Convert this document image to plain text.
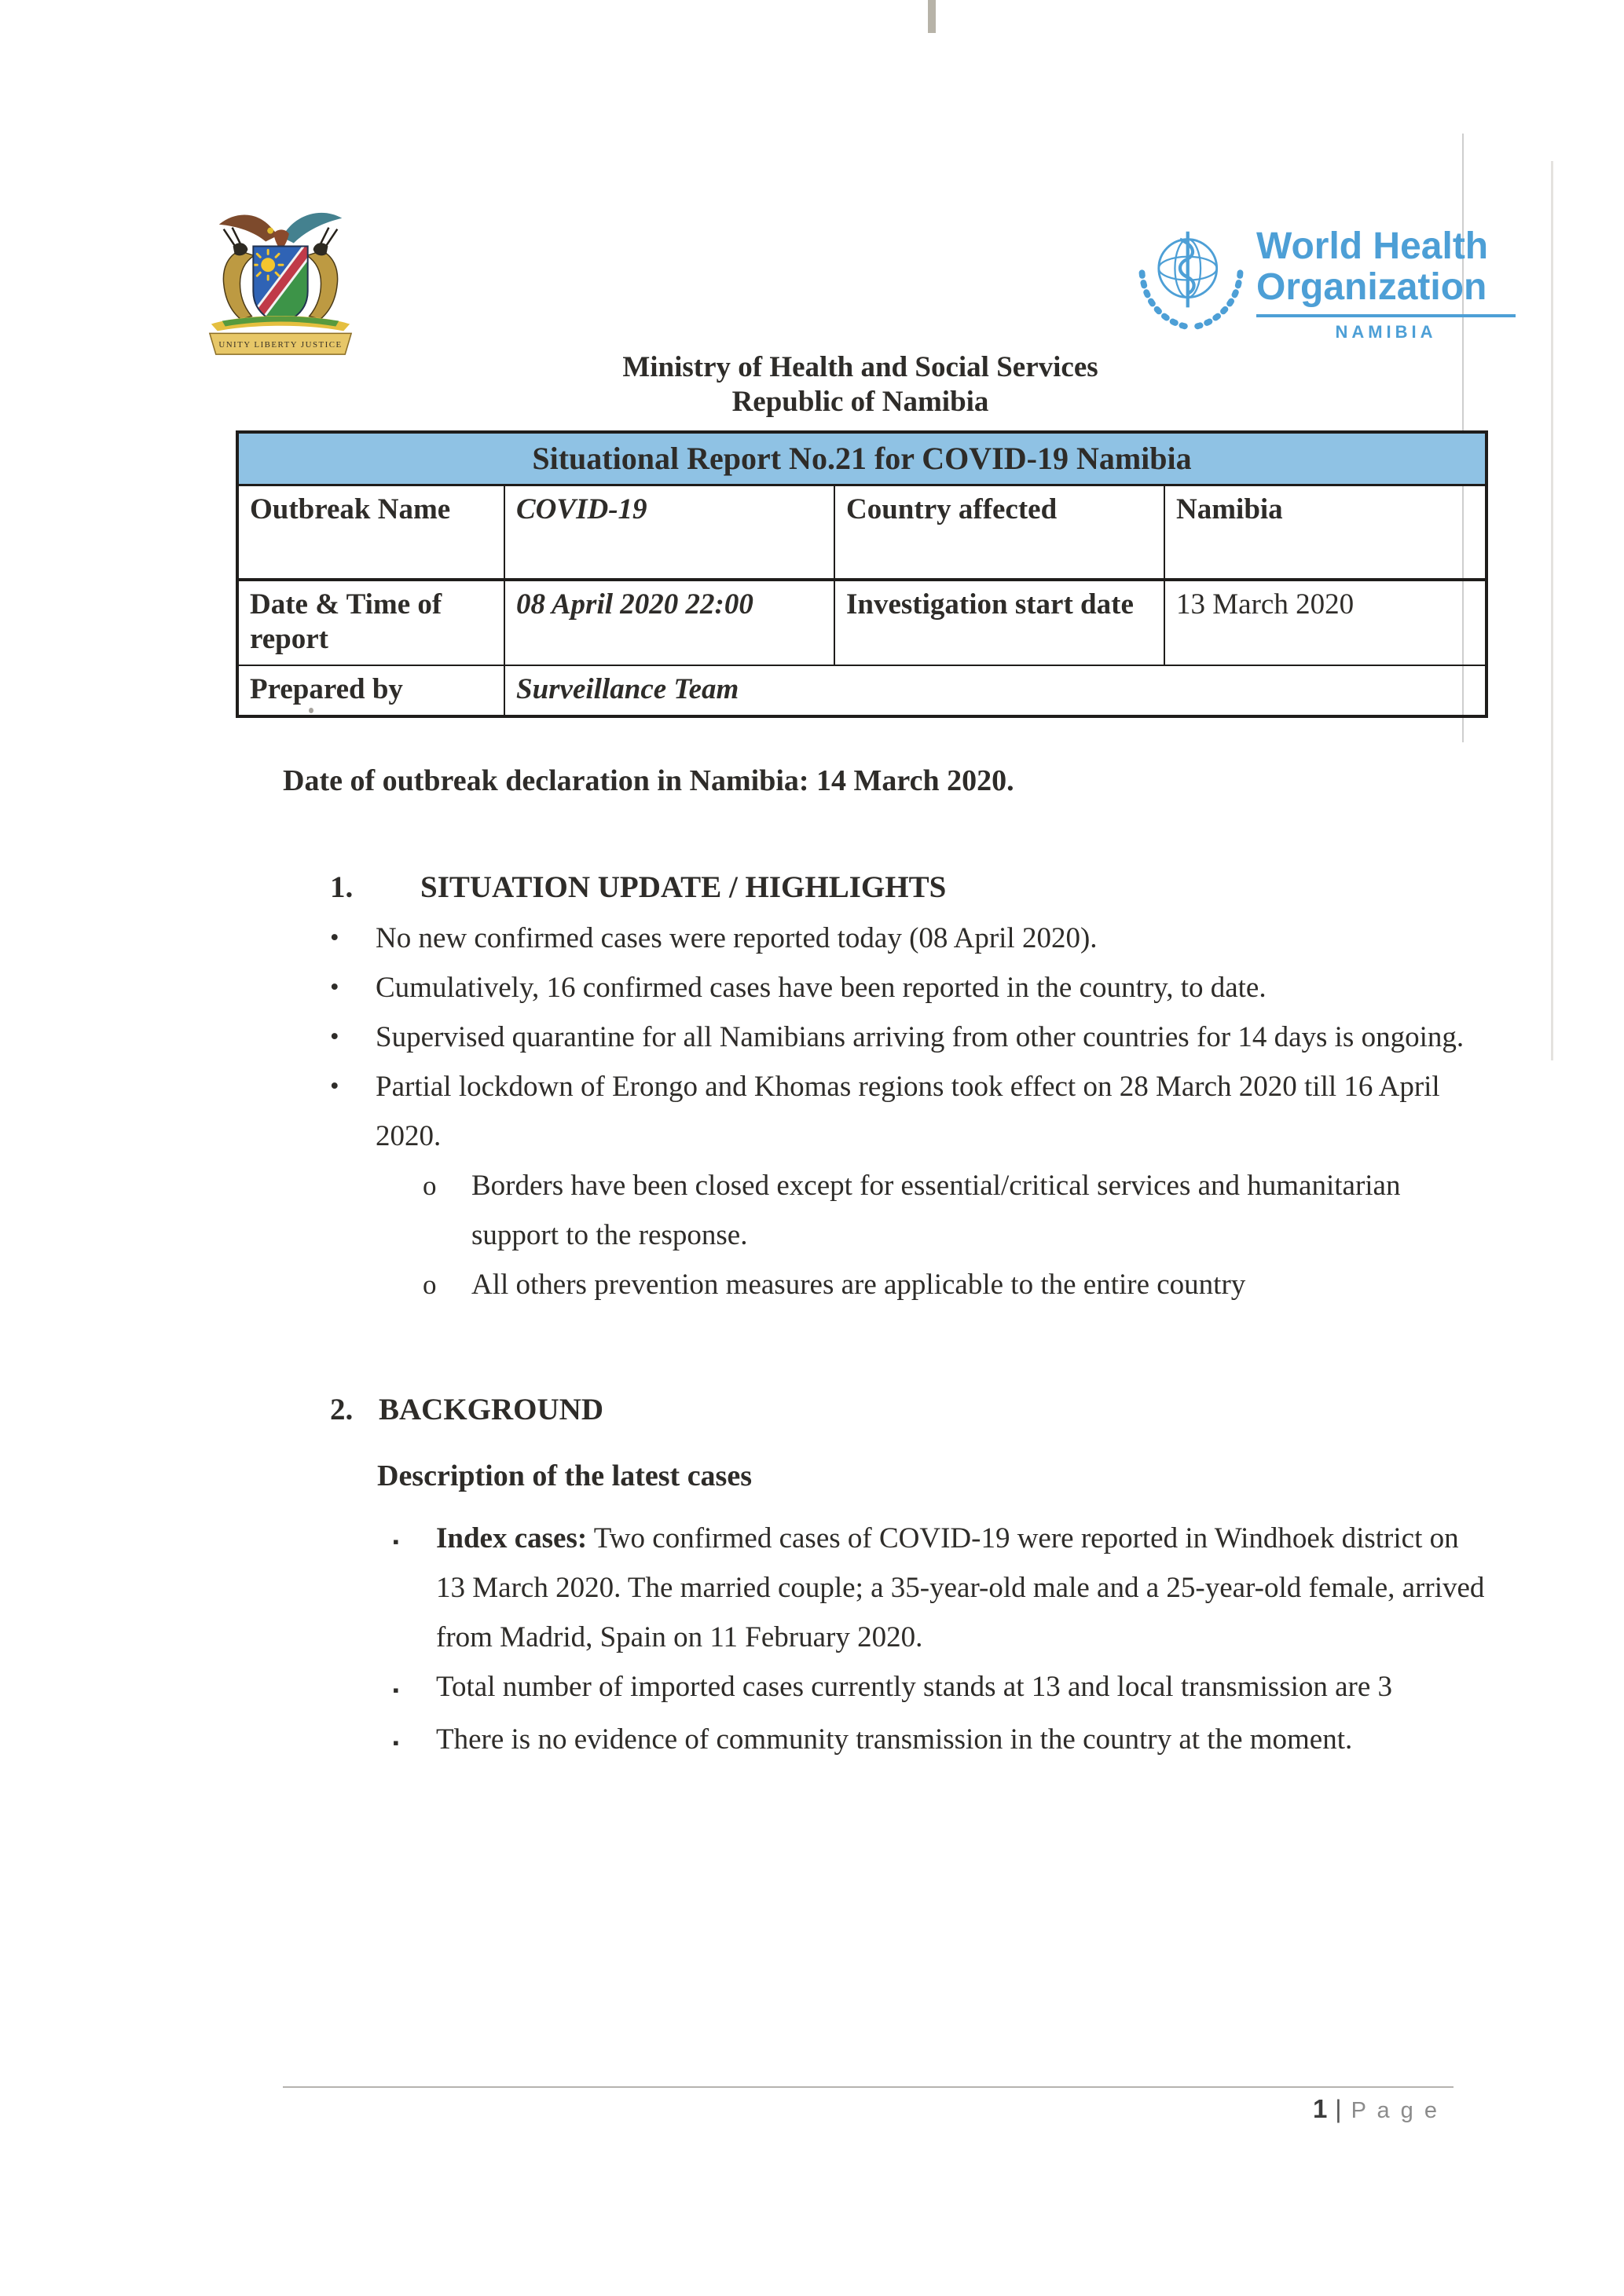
UNITY LIBERTY JUSTICE
World Health
Organization
NAMIBIA
Ministry of Health and Social Services
Republic of Namibia
Situational Report No.21 for COVID-19 Namibia			
Outbreak Name	COVID-19	Country affected	Namibia
Date & Time of report	08 April 2020 22:00	Investigation start date	13 March 2020
Prepared by	Surveillance Team		
Date of outbreak declaration in Namibia: 14 March 2020.
1.	SITUATION UPDATE / HIGHLIGHTS
•	No new confirmed cases were reported today (08 April 2020).
•	Cumulatively, 16 confirmed cases have been reported in the country, to date.
•	Supervised quarantine for all Namibians arriving from other countries for 14 days is ongoing.
•	Partial lockdown of Erongo and Khomas regions took effect on 28 March 2020 till 16 April 2020.
o	Borders have been closed except for essential/critical services and humanitarian support to the response.
o	All others prevention measures are applicable to the entire country
2. BACKGROUND
Description of the latest cases
▪	Index cases: Two confirmed cases of COVID-19 were reported in Windhoek district on 13 March 2020. The married couple; a 35-year-old male and a 25-year-old female, arrived from Madrid, Spain on 11 February 2020.
▪	Total number of imported cases currently stands at 13 and local transmission are 3
▪	There is no evidence of community transmission in the country at the moment.
1 | P a g e
